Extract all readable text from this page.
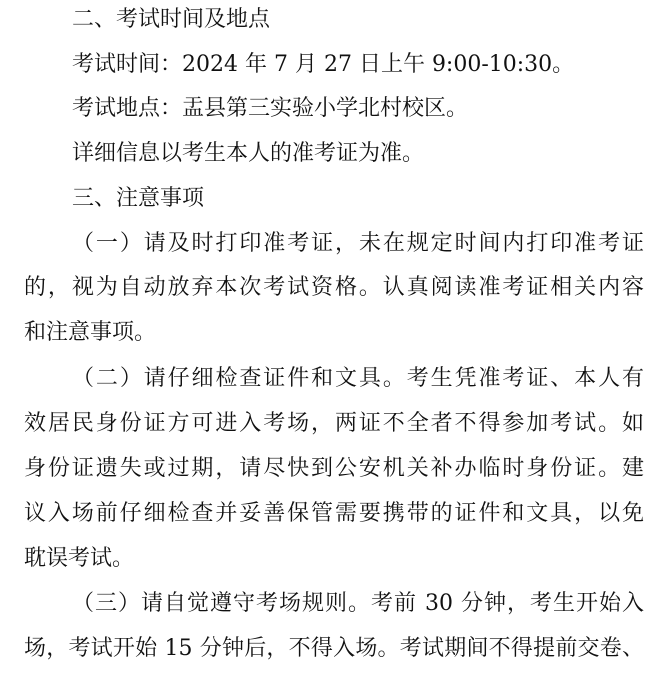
二、考试时间及地点
考试时间：2024 年 7 月 27 日上午 9:00-10:30。
考试地点：盂县第三实验小学北村校区。
详细信息以考生本人的准考证为准。
三、注意事项
（一）请及时打印准考证，未在规定时间内打印准考证
的，视为自动放弃本次考试资格。认真阅读准考证相关内容
和注意事项。
（二）请仔细检查证件和文具。考生凭准考证、本人有
效居民身份证方可进入考场，两证不全者不得参加考试。如
身份证遗失或过期，请尽快到公安机关补办临时身份证。建
议入场前仔细检查并妥善保管需要携带的证件和文具，以免
耽误考试。
（三）请自觉遵守考场规则。考前 30 分钟，考生开始入
场，考试开始 15 分钟后，不得入场。考试期间不得提前交卷、
